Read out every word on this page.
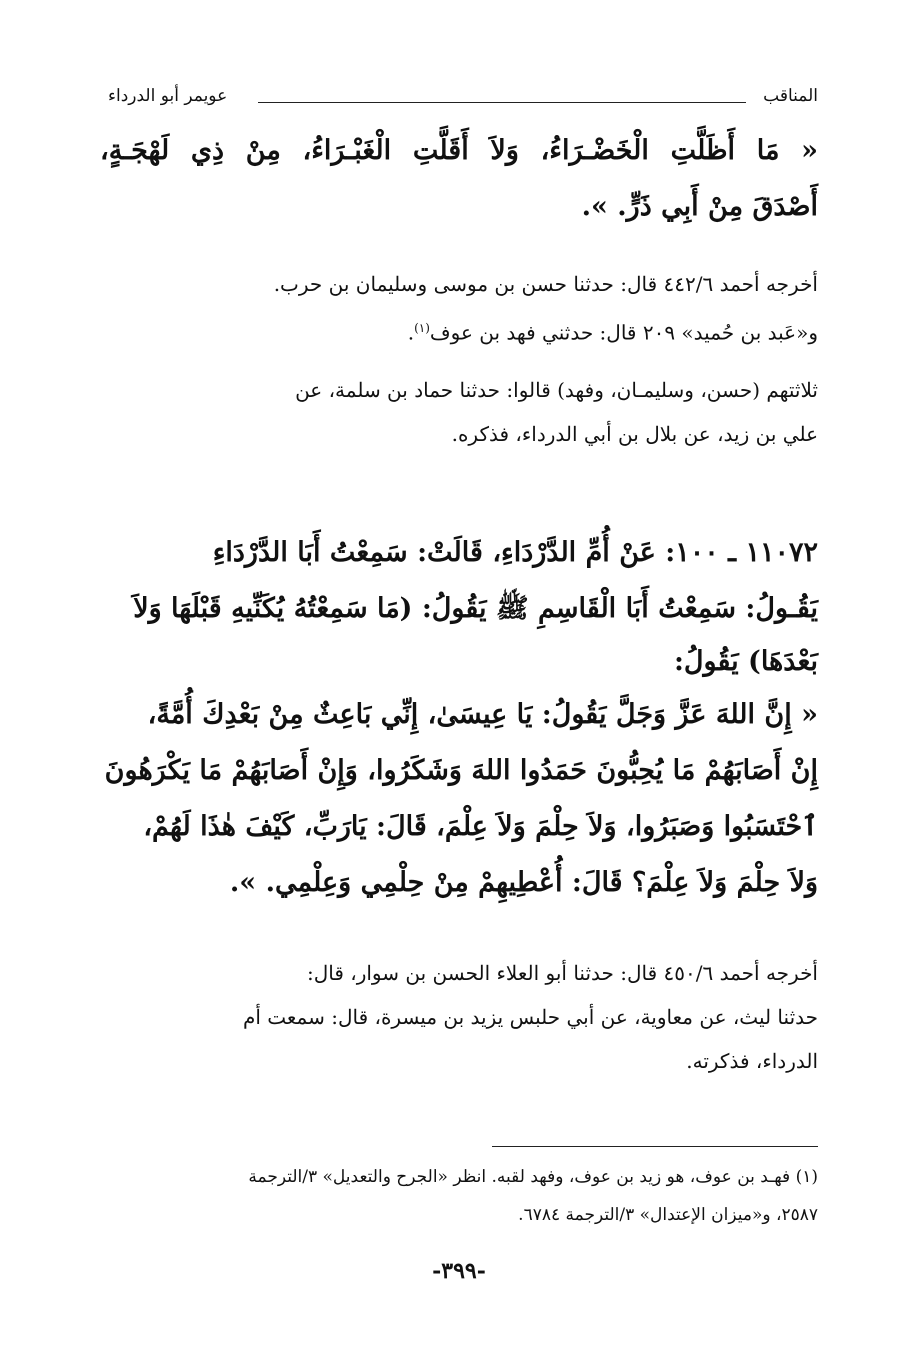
المناقب
عويمر أبو الدرداء
« مَا أَظَلَّتِ الْخَضْـرَاءُ، وَلاَ أَقَلَّتِ الْغَبْـرَاءُ، مِنْ ذِي لَهْجَـةٍ،
أَصْدَقَ مِنْ أَبِي ذَرٍّ. ».
أخرجه أحمد ٤٤٢/٦ قال: حدثنا حسن بن موسى وسليمان بن حرب.
و«عَبد بن حُميد» ٢٠٩ قال: حدثني فهد بن عوف$^{(١)}$.
ثلاثتهم (حسن، وسليمـان، وفهد) قالوا: حدثنا حماد بن سلمة، عن
علي بن زيد، عن بلال بن أبي الدرداء، فذكره.
١١٠٧٢ ـ ١٠٠: عَنْ أُمِّ الدَّرْدَاءِ، قَالَتْ: سَمِعْتُ أَبَا الدَّرْدَاءِ
يَقُـولُ: سَمِعْتُ أَبَا الْقَاسِمِ ﷺ يَقُولُ: (مَا سَمِعْتُهُ يُكَنِّيهِ قَبْلَهَا وَلاَ
بَعْدَهَا) يَقُولُ:
« إِنَّ اللهَ عَزَّ وَجَلَّ يَقُولُ: يَا عِيسَىٰ، إِنِّي بَاعِثٌ مِنْ بَعْدِكَ أُمَّةً،
إِنْ أَصَابَهُمْ مَا يُحِبُّونَ حَمَدُوا اللهَ وَشَكَرُوا، وَإِنْ أَصَابَهُمْ مَا يَكْرَهُونَ
ٱحْتَسَبُوا وَصَبَرُوا، وَلاَ حِلْمَ وَلاَ عِلْمَ، قَالَ: يَارَبِّ، كَيْفَ هٰذَا لَهُمْ،
وَلاَ حِلْمَ وَلاَ عِلْمَ؟ قَالَ: أُعْطِيهِمْ مِنْ حِلْمِي وَعِلْمِي. ».
أخرجه أحمد ٤٥٠/٦ قال: حدثنا أبو العلاء الحسن بن سوار، قال:
حدثنا ليث، عن معاوية، عن أبي حلبس يزيد بن ميسرة، قال: سمعت أم
الدرداء، فذكرته.
(١) فهـد بن عوف، هو زيد بن عوف، وفهد لقبه. انظر «الجرح والتعديل» ٣/الترجمة
٢٥٨٧، و«ميزان الإعتدال» ٣/الترجمة ٦٧٨٤.
-٣٩٩-
